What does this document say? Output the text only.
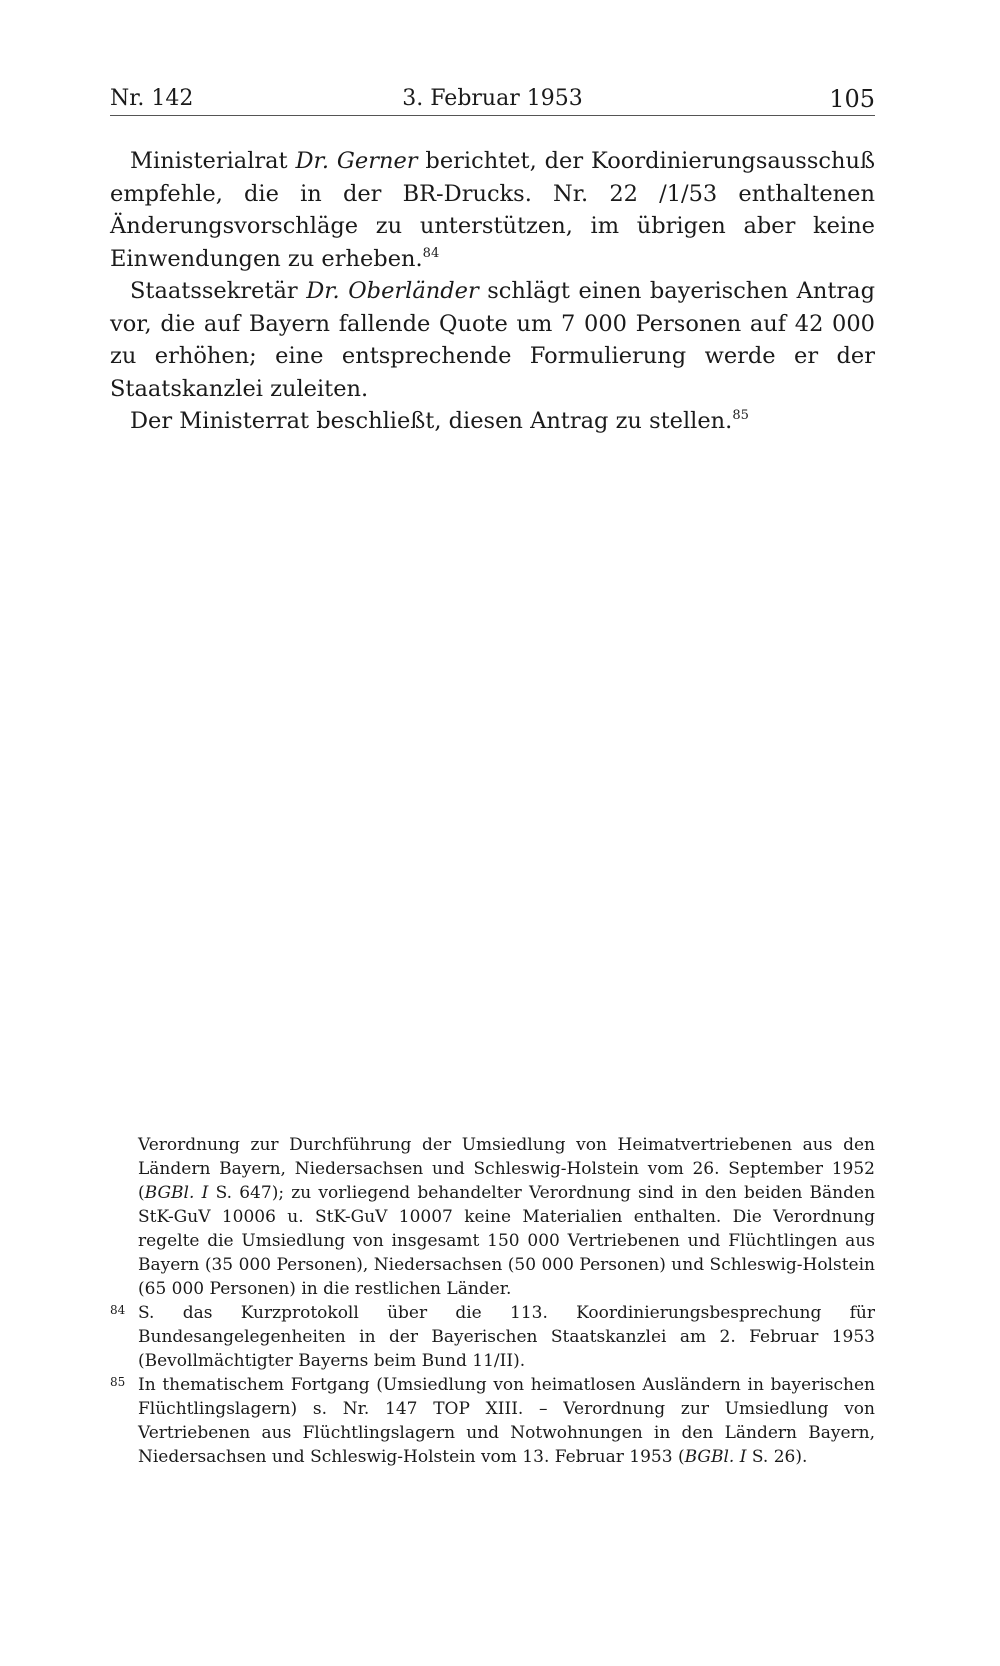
3. Februar 1953
Nr. 142	105

Ministerialrat Dr. Gerner berichtet, der Koordinierungsausschuß empfehle, die in der BR-Drucks. Nr. 22 /1/53 enthaltenen Änderungsvorschläge zu unterstützen, im übrigen aber keine Einwendungen zu erheben.$^{84}$

Staatssekretär Dr. Oberländer schlägt einen bayerischen Antrag vor, die auf Bayern fallende Quote um 7 000 Personen auf 42 000 zu erhöhen; eine entsprechende Formulierung werde er der Staatskanzlei zuleiten.

Der Ministerrat beschließt, diesen Antrag zu stellen.$^{85}$

Verordnung zur Durchführung der Umsiedlung von Heimatvertriebenen aus den Ländern Bayern, Niedersachsen und Schleswig-Holstein vom 26. September 1952 (BGBl. I S. 647); zu vorliegend behandelter Verordnung sind in den beiden Bänden StK-GuV 10006 u. StK-GuV 10007 keine Materialien enthalten. Die Verordnung regelte die Umsiedlung von insgesamt 150 000 Vertriebenen und Flüchtlingen aus Bayern (35 000 Personen), Niedersachsen (50 000 Personen) und Schleswig-Holstein (65 000 Personen) in die restlichen Länder.

84 S. das Kurzprotokoll über die 113. Koordinierungsbesprechung für Bundesangelegenheiten in der Bayerischen Staatskanzlei am 2. Februar 1953 (Bevollmächtigter Bayerns beim Bund 11/II).

85 In thematischem Fortgang (Umsiedlung von heimatlosen Ausländern in bayerischen Flüchtlingslagern) s. Nr. 147 TOP XIII. – Verordnung zur Umsiedlung von Vertriebenen aus Flüchtlingslagern und Notwohnungen in den Ländern Bayern, Niedersachsen und Schleswig-Holstein vom 13. Februar 1953 (BGBl. I S. 26).
